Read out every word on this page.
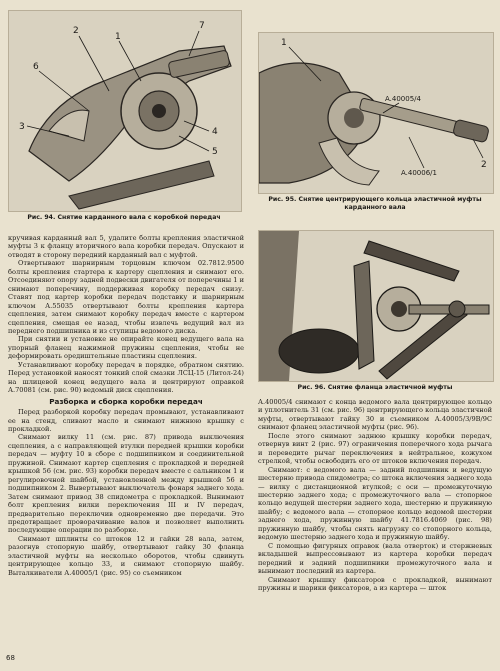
1
2
3	4
5
6
7
Рис. 94. Снятие карданного вала с коробкой передач
1
A.40005/4
A.40006/1
2
Рис. 95. Снятие центрирующего кольца эластичной муфты карданного вала
Рис. 96. Снятие фланца эластичной муфты

кручивая карданный вал 5, удалите болты крепления эластичной муфты 3 к фланцу вторичного вала коробки передач. Опускают и отводят в сторону передний карданный вал с муфтой.

Отвертывают шарнирным торцовым ключом 02.7812.9500 болты крепления стартера к картеру сцепления и снимают его. Отсоединяют опору задней подвески двигателя от поперечины 1 и снимают поперечину, поддерживая коробку передач снизу. Ставят под картер коробки передач подставку и шарнирным ключом А.55035 отвертывают болты крепления картера сцепления, затем снимают коробку передач вместе с картером сцепления, смещая ее назад, чтобы извлечь ведущий вал из переднего подшипника и из ступицы ведомого диска.

При снятии и установке не опирайте конец ведущего вала на упорный фланец нажимной пружины сцепления, чтобы не деформировать оредиштельные пластины сцепления.

Устанавливают коробку передач в порядке, обратном снятию. Перед установкой наносят тонкий слой смазки ЛСЦ-15 (Литол-24) на шлицевой конец ведущего вала и центрируют оправкой А.70081 (см. рис. 90) ведомый диск сцепления.

Разборка и сборка коробки передач

Перед разборкой коробку передач промывают, устанавливают ее на стенд, сливают масло и снимают нижнюю крышку с прокладкой.

Снимают вилку 11 (см. рис. 87) привода выключения сцепления, а с направляющей втулки передней крышки коробки передач — муфту 10 в сборе с подшипником и соединительной пружиной. Снимают картер сцепления с прокладкой и передней крышкой 56 (см. рис. 93) коробки передач вместе с сальником 1 и регулировочной шайбой, установленной между крышкой 56 и подшипником 2. Вывертывают выключатель фонаря заднего хода. Затем снимают привод 38 спидометра с прокладкой. Вынимают болт крепления вилки переключения III и IV передач, предварительно переключив одновременно две передачи. Это предотвращает проворачивание валов и позволяет выполнить последующие операции по разборке.

Снимают шплинты со штоков 12 и гайки 28 вала, затем, разогнув стопорную шайбу, отвертывают гайку 30 фланца эластичной муфты на несколько оборотов, чтобы сдвинуть центрирующее кольцо 33, и снимают стопорную шайбу. Выталкиватели А.40005/1 (рис. 95) со съемником

А.40005/4 снимают с конца ведомого вала центрирующее кольцо и уплотнитель 31 (см. рис. 96) центрирующего кольца эластичной муфты, отвертывают гайку 30 и съемником А.40005/3/9В/9С снимают фланец эластичной муфты (рис. 96).

После этого снимают заднюю крышку коробки передач, отвернув винт 2 (рис. 97) ограничения поперечного хода рычага и переведите рычаг переключения в нейтральное, кожухом стрелкой, чтобы освободить его от штоков включения передач.

Снимают: с ведомого вала — задний подшипник и ведущую шестерню привода спидометра; со штока включения заднего хода — вилку с дистанционной втулкой; с оси — промежуточную шестерню заднего хода; с промежуточного вала — стопорное кольцо ведущей шестерни заднего хода, шестерню и пружинную шайбу; с ведомого вала — стопорное кольцо ведомой шестерни заднего хода, пружинную шайбу 41.7816.4069 (рис. 98) пружинную шайбу, чтобы снять нагрузку со стопорного кольца, ведомую шестерню заднего хода и пружинную шайбу.

С помощью фигурных оправок (вала отверток) и стержневых вкладышей выпрессовывают из картера коробки передач передний и задний подшипники промежуточного вала и вынимают последний из картера.

Снимают крышку фиксаторов с прокладкой, вынимают пружины и шарики фиксаторов, а из картера — шток

68
